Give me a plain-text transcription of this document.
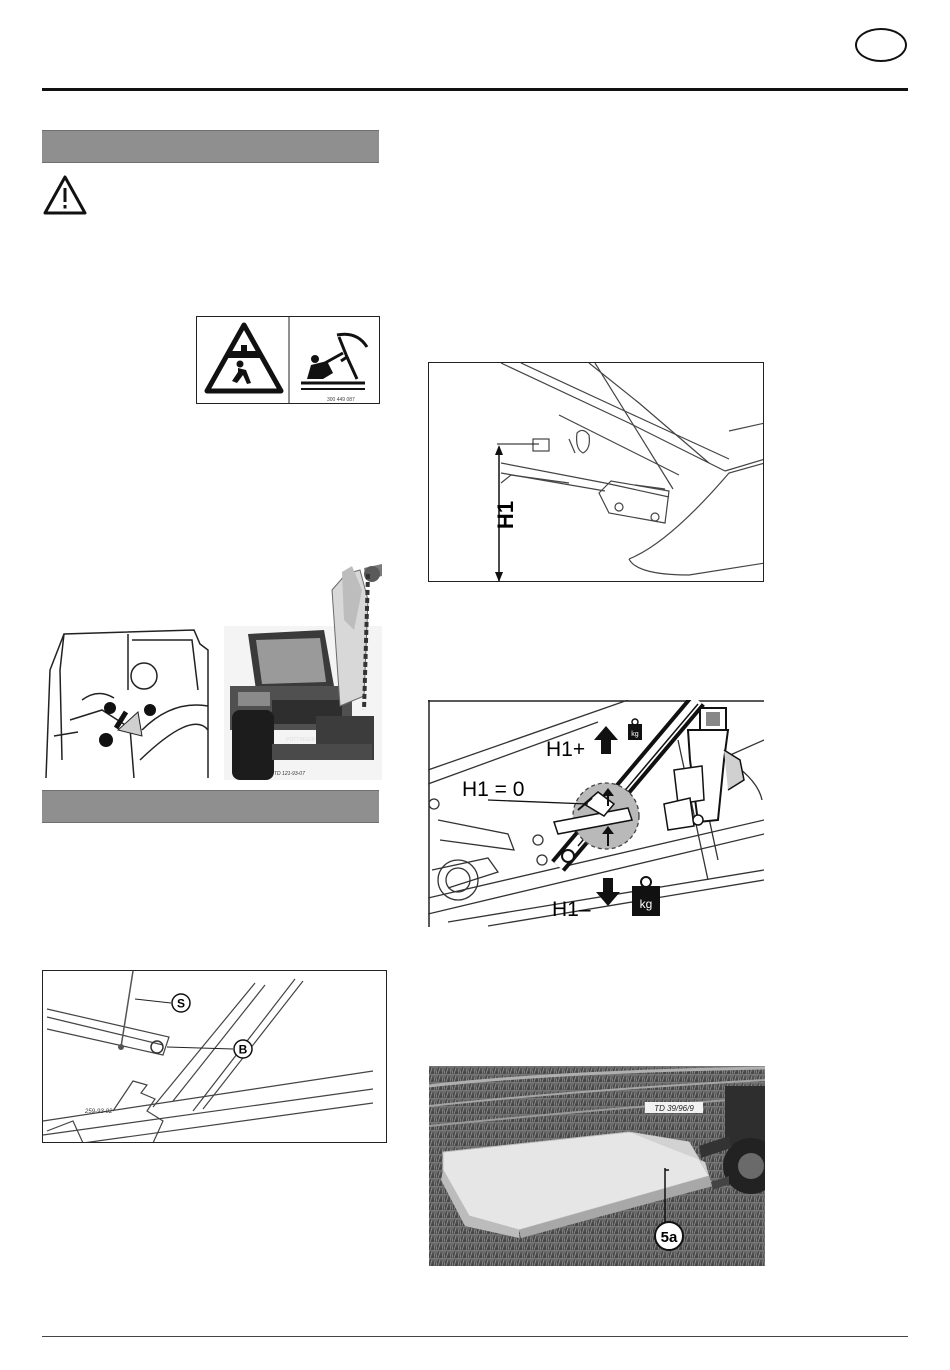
300 449 087
POTTINGER
TD 121-93-07
S
B
259-93-02
H1
H1+
kg
H1 = 0
H1–	kg
TD 39/96/9
5a
